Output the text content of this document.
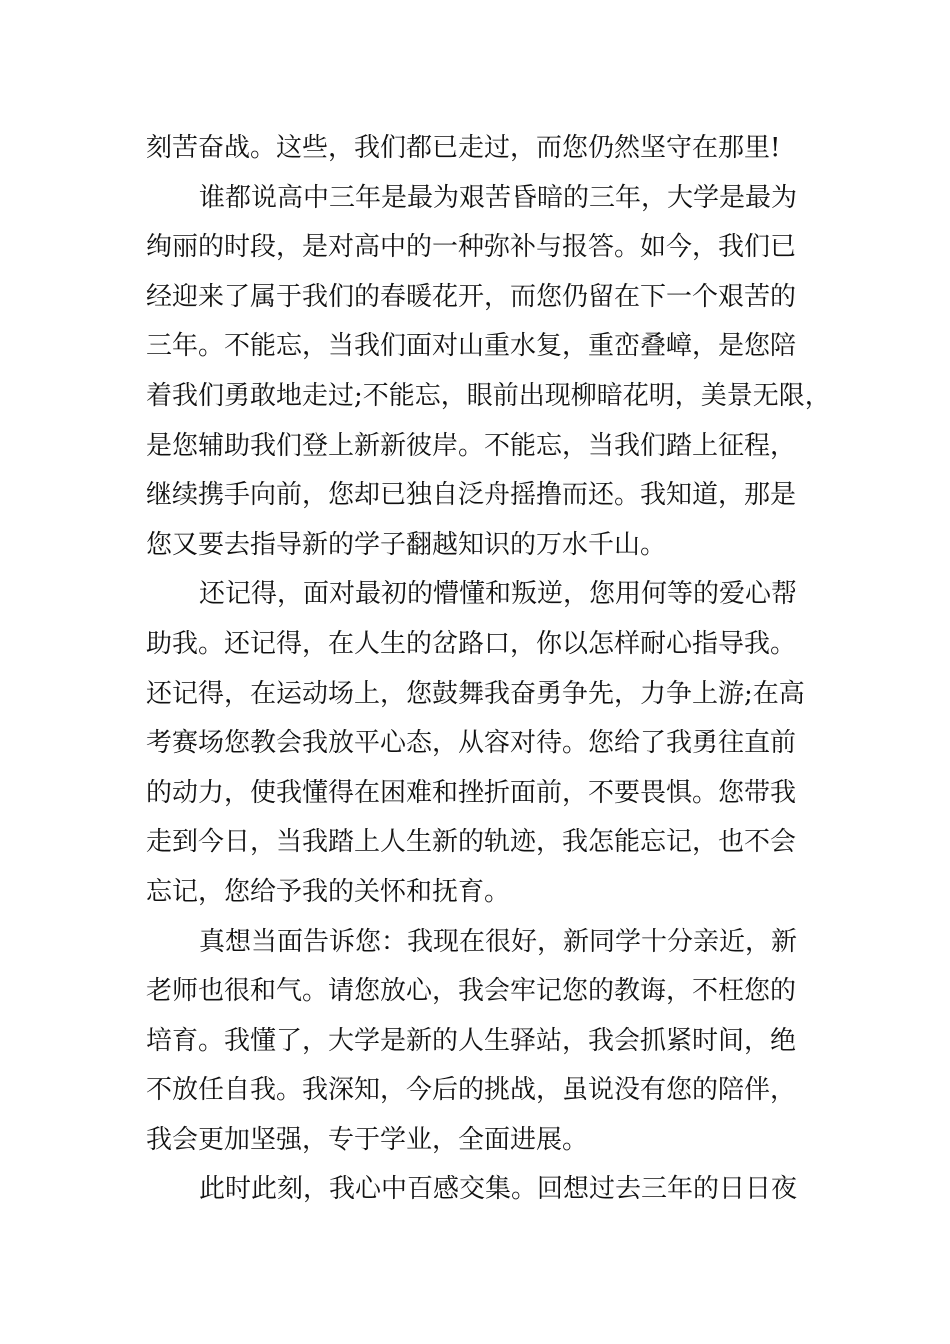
刻苦奋战。这些，我们都已走过，而您仍然坚守在那里!
谁都说高中三年是最为艰苦昏暗的三年，大学是最为
绚丽的时段，是对高中的一种弥补与报答。如今，我们已
经迎来了属于我们的春暖花开，而您仍留在下一个艰苦的
三年。不能忘，当我们面对山重水复，重峦叠嶂，是您陪
着我们勇敢地走过;不能忘，眼前出现柳暗花明，美景无限，
是您辅助我们登上新新彼岸。不能忘，当我们踏上征程，
继续携手向前，您却已独自泛舟摇撸而还。我知道，那是
您又要去指导新的学子翻越知识的万水千山。
还记得，面对最初的懵懂和叛逆，您用何等的爱心帮
助我。还记得，在人生的岔路口，你以怎样耐心指导我。
还记得，在运动场上，您鼓舞我奋勇争先，力争上游;在高
考赛场您教会我放平心态，从容对待。您给了我勇往直前
的动力，使我懂得在困难和挫折面前，不要畏惧。您带我
走到今日，当我踏上人生新的轨迹，我怎能忘记，也不会
忘记，您给予我的关怀和抚育。
真想当面告诉您：我现在很好，新同学十分亲近，新
老师也很和气。请您放心，我会牢记您的教诲，不枉您的
培育。我懂了，大学是新的人生驿站，我会抓紧时间，绝
不放任自我。我深知，今后的挑战，虽说没有您的陪伴，
我会更加坚强，专于学业，全面进展。
此时此刻，我心中百感交集。回想过去三年的日日夜
